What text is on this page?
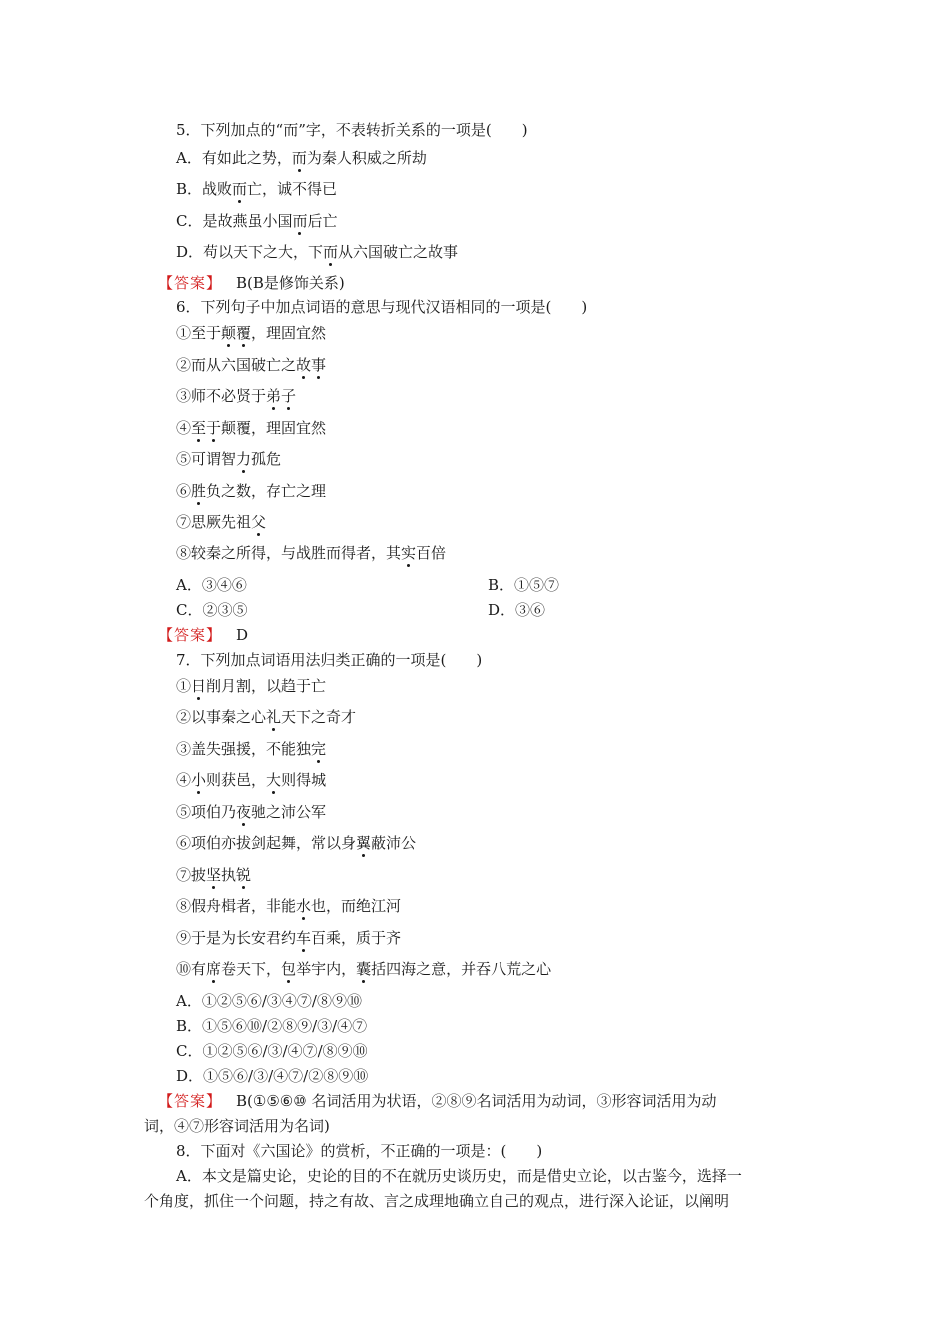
5．下列加点的“而”字，不表转折关系的一项是(　　)
A．有如此之势，而为秦人积威之所劫
B．战败而亡，诚不得已
C．是故燕虽小国而后亡
D．苟以天下之大，下而从六国破亡之故事
【答案】 B(B是修饰关系)
6．下列句子中加点词语的意思与现代汉语相同的一项是(　　)
①至于颠覆，理固宜然
②而从六国破亡之故事
③师不必贤于弟子
④至于颠覆，理固宜然
⑤可谓智力孤危
⑥胜负之数，存亡之理
⑦思厥先祖父
⑧较秦之所得，与战胜而得者，其实百倍
A．③④⑥	B．①⑤⑦
C．②③⑤	D．③⑥
【答案】 D
7．下列加点词语用法归类正确的一项是(　　)
①日削月割，以趋于亡
②以事秦之心礼天下之奇才
③盖失强援，不能独完
④小则获邑，大则得城
⑤项伯乃夜驰之沛公军
⑥项伯亦拔剑起舞，常以身翼蔽沛公
⑦披坚执锐
⑧假舟楫者，非能水也，而绝江河
⑨于是为长安君约车百乘，质于齐
⑩有席卷天下，包举宇内，囊括四海之意，并吞八荒之心
A．①②⑤⑥/③④⑦/⑧⑨⑩
B．①⑤⑥⑩/②⑧⑨/③/④⑦
C．①②⑤⑥/③/④⑦/⑧⑨⑩
D．①⑤⑥/③/④⑦/②⑧⑨⑩
【答案】 B(①⑤⑥⑩ 名词活用为状语，②⑧⑨名词活用为动词，③形容词活用为动
词，④⑦形容词活用为名词)
8．下面对《六国论》的赏析，不正确的一项是：(　　)
A．本文是篇史论，史论的目的不在就历史谈历史，而是借史立论，以古鉴今，选择一
个角度，抓住一个问题，持之有故、言之成理地确立自己的观点，进行深入论证，以阐明
